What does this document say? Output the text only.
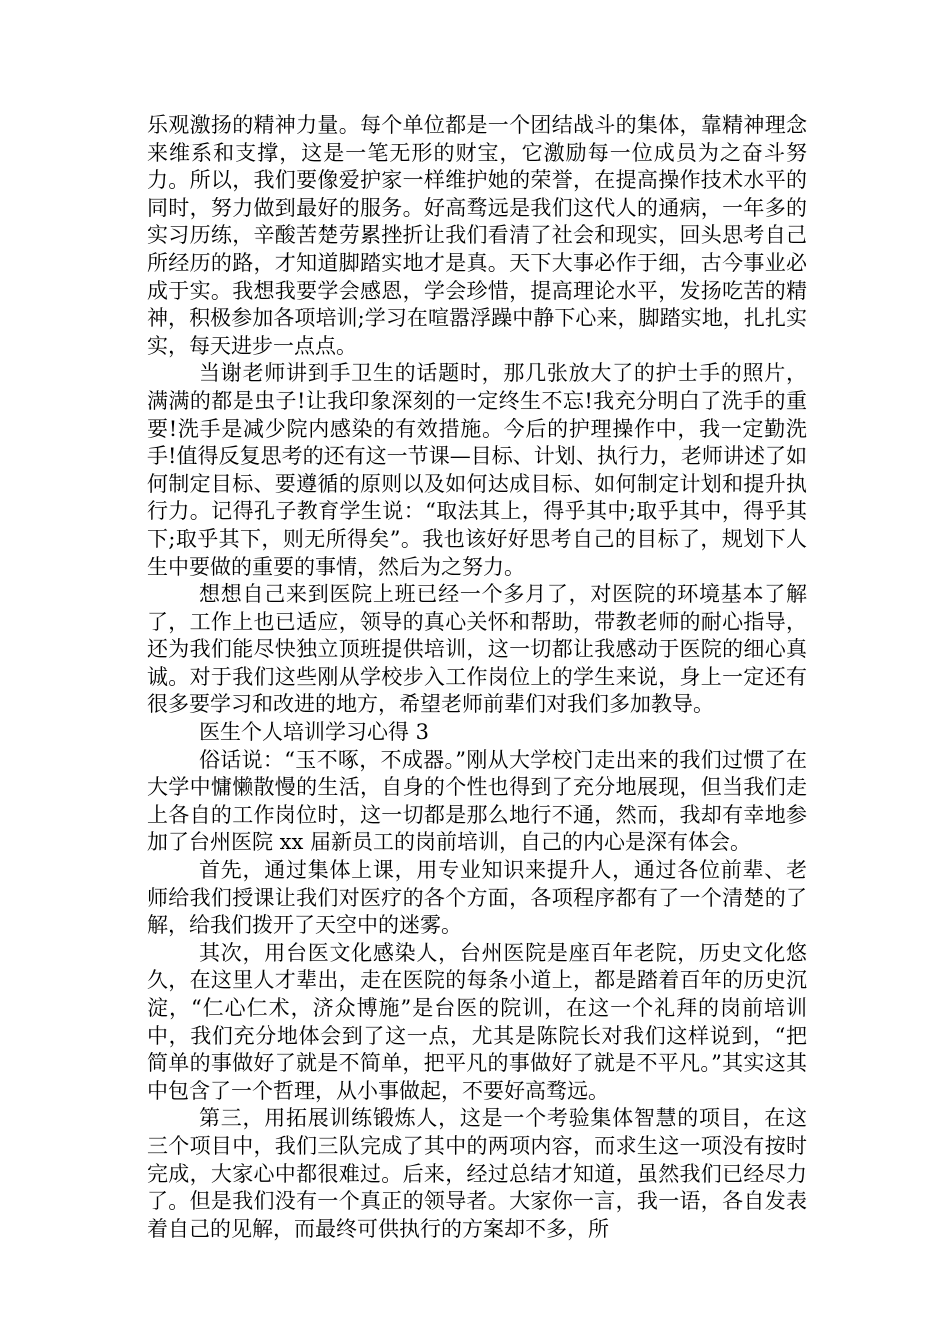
乐观激扬的精神力量。每个单位都是一个团结战斗的集体，靠精神理念来维系和支撑，这是一笔无形的财宝，它激励每一位成员为之奋斗努力。所以，我们要像爱护家一样维护她的荣誉，在提高操作技术水平的同时，努力做到最好的服务。好高骛远是我们这代人的通病，一年多的实习历练，辛酸苦楚劳累挫折让我们看清了社会和现实，回头思考自己所经历的路，才知道脚踏实地才是真。天下大事必作于细，古今事业必成于实。我想我要学会感恩，学会珍惜，提高理论水平，发扬吃苦的精神，积极参加各项培训;学习在喧嚣浮躁中静下心来，脚踏实地，扎扎实实，每天进步一点点。

当谢老师讲到手卫生的话题时，那几张放大了的护士手的照片，满满的都是虫子!让我印象深刻的一定终生不忘!我充分明白了洗手的重要!洗手是减少院内感染的有效措施。今后的护理操作中，我一定勤洗手!值得反复思考的还有这一节课—目标、计划、执行力，老师讲述了如何制定目标、要遵循的原则以及如何达成目标、如何制定计划和提升执行力。记得孔子教育学生说：“取法其上，得乎其中;取乎其中，得乎其下;取乎其下，则无所得矣”。我也该好好思考自己的目标了，规划下人生中要做的重要的事情，然后为之努力。

想想自己来到医院上班已经一个多月了，对医院的环境基本了解了，工作上也已适应，领导的真心关怀和帮助，带教老师的耐心指导，还为我们能尽快独立顶班提供培训，这一切都让我感动于医院的细心真诚。对于我们这些刚从学校步入工作岗位上的学生来说，身上一定还有很多要学习和改进的地方，希望老师前辈们对我们多加教导。

医生个人培训学习心得 3

俗话说：“玉不啄，不成器。”刚从大学校门走出来的我们过惯了在大学中慵懒散慢的生活，自身的个性也得到了充分地展现，但当我们走上各自的工作岗位时，这一切都是那么地行不通，然而，我却有幸地参加了台州医院 xx 届新员工的岗前培训，自己的内心是深有体会。

首先，通过集体上课，用专业知识来提升人，通过各位前辈、老师给我们授课让我们对医疗的各个方面，各项程序都有了一个清楚的了解，给我们拨开了天空中的迷雾。

其次，用台医文化感染人，台州医院是座百年老院，历史文化悠久，在这里人才辈出，走在医院的每条小道上，都是踏着百年的历史沉淀，“仁心仁术，济众博施”是台医的院训，在这一个礼拜的岗前培训中，我们充分地体会到了这一点，尤其是陈院长对我们这样说到，“把简单的事做好了就是不简单，把平凡的事做好了就是不平凡。”其实这其中包含了一个哲理，从小事做起，不要好高骛远。

第三，用拓展训练锻炼人，这是一个考验集体智慧的项目，在这三个项目中，我们三队完成了其中的两项内容，而求生这一项没有按时完成，大家心中都很难过。后来，经过总结才知道，虽然我们已经尽力了。但是我们没有一个真正的领导者。大家你一言，我一语，各自发表着自己的见解，而最终可供执行的方案却不多，所
